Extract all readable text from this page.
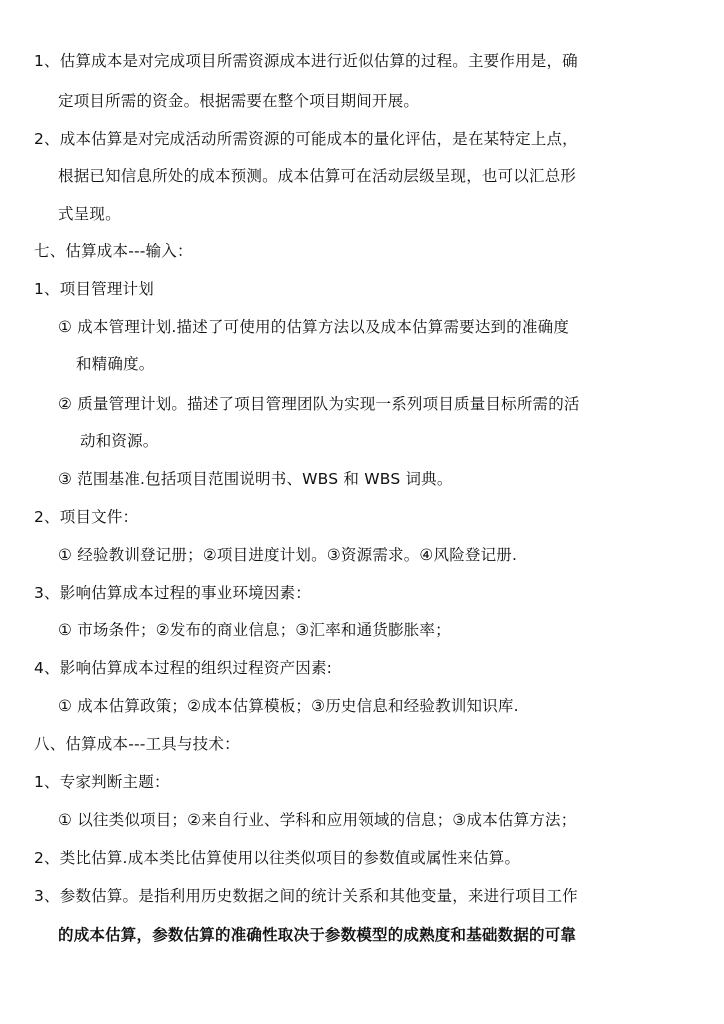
1、估算成本是对完成项目所需资源成本进行近似估算的过程。主要作用是，确
定项目所需的资金。根据需要在整个项目期间开展。
2、成本估算是对完成活动所需资源的可能成本的量化评估，是在某特定上点，
根据已知信息所处的成本预测。成本估算可在活动层级呈现，也可以汇总形
式呈现。
七、估算成本---输入：
1、项目管理计划
① 成本管理计划.描述了可使用的估算方法以及成本估算需要达到的准确度
和精确度。
② 质量管理计划。描述了项目管理团队为实现一系列项目质量目标所需的活
动和资源。
③ 范围基准.包括项目范围说明书、WBS 和 WBS 词典。
2、项目文件：
① 经验教训登记册；②项目进度计划。③资源需求。④风险登记册.
3、影响估算成本过程的事业环境因素：
① 市场条件；②发布的商业信息；③汇率和通货膨胀率；
4、影响估算成本过程的组织过程资产因素:
① 成本估算政策；②成本估算模板；③历史信息和经验教训知识库.
八、估算成本---工具与技术：
1、专家判断主题：
① 以往类似项目；②来自行业、学科和应用领域的信息；③成本估算方法；
2、类比估算.成本类比估算使用以往类似项目的参数值或属性来估算。
3、参数估算。是指利用历史数据之间的统计关系和其他变量，来进行项目工作
的成本估算，参数估算的准确性取决于参数模型的成熟度和基础数据的可靠
